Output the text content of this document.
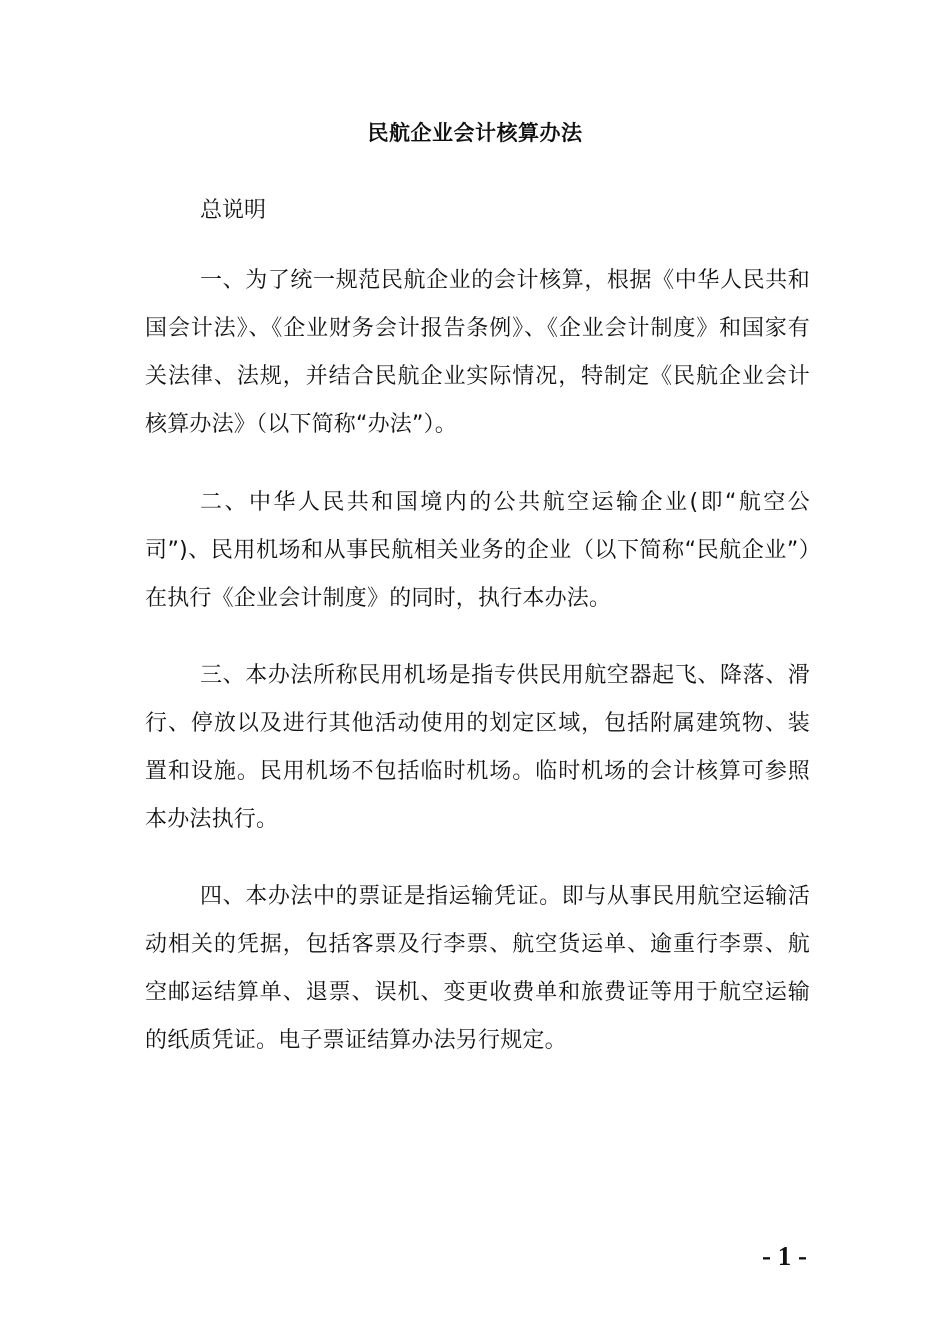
民航企业会计核算办法
总说明

一、为了统一规范民航企业的会计核算，根据《中华人民共和国会计法》、《企业财务会计报告条例》、《企业会计制度》和国家有关法律、法规，并结合民航企业实际情况，特制定《民航企业会计核算办法》（以下简称“办法”）。

二、中华人民共和国境内的公共航空运输企业(即“航空公司”)、民用机场和从事民航相关业务的企业（以下简称“民航企业”）在执行《企业会计制度》的同时，执行本办法。

三、本办法所称民用机场是指专供民用航空器起飞、降落、滑行、停放以及进行其他活动使用的划定区域，包括附属建筑物、装置和设施。民用机场不包括临时机场。临时机场的会计核算可参照本办法执行。

四、本办法中的票证是指运输凭证。即与从事民用航空运输活动相关的凭据，包括客票及行李票、航空货运单、逾重行李票、航空邮运结算单、退票、误机、变更收费单和旅费证等用于航空运输的纸质凭证。电子票证结算办法另行规定。

- 1 -
